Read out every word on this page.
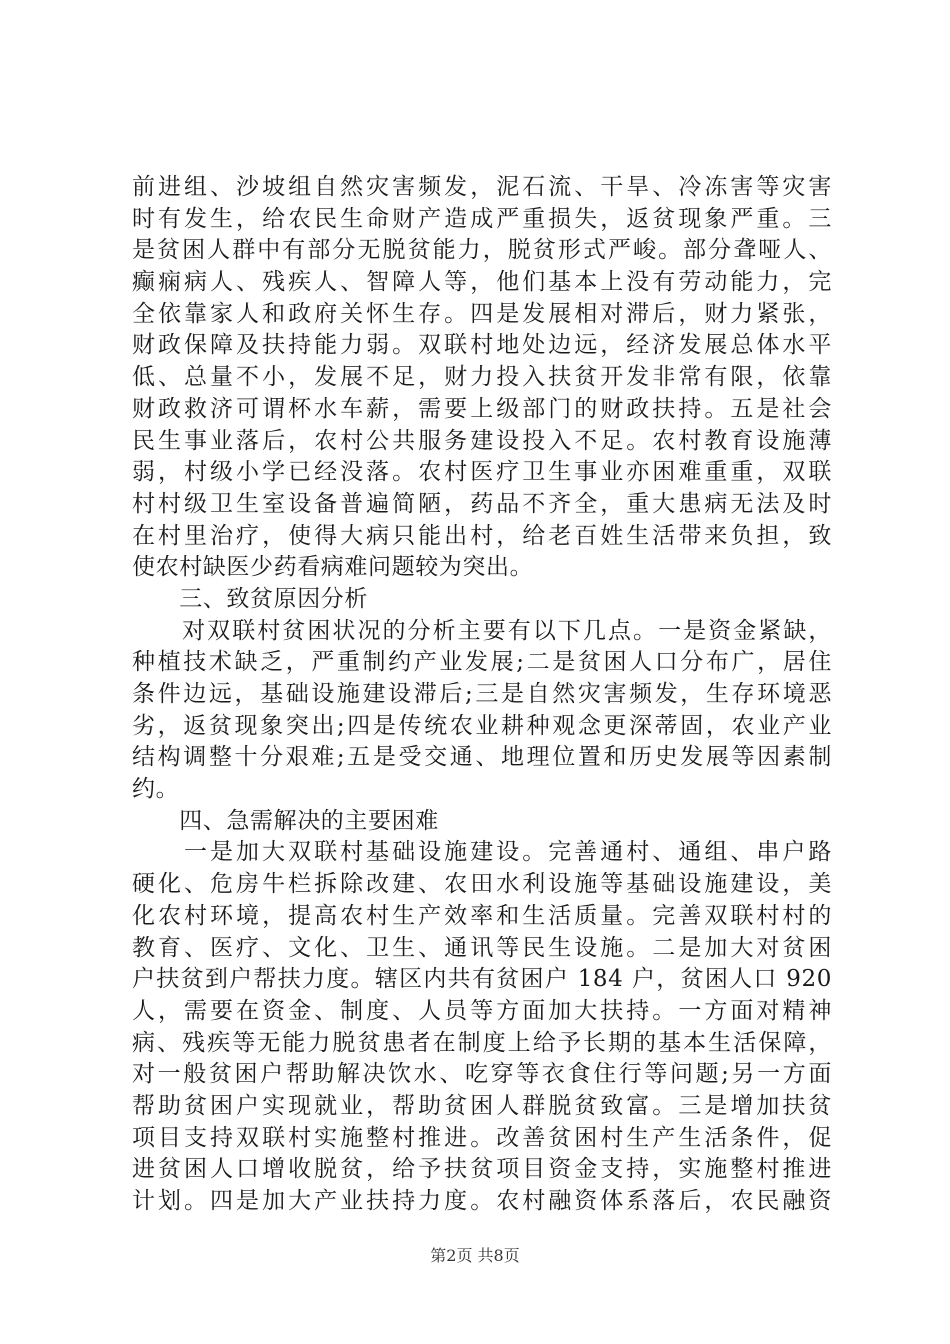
前进组、沙坡组自然灾害频发，泥石流、干旱、冷冻害等灾害
时有发生，给农民生命财产造成严重损失，返贫现象严重。三
是贫困人群中有部分无脱贫能力，脱贫形式严峻。部分聋哑人、
癫痫病人、残疾人、智障人等，他们基本上没有劳动能力，完
全依靠家人和政府关怀生存。四是发展相对滞后，财力紧张，
财政保障及扶持能力弱。双联村地处边远，经济发展总体水平
低、总量不小，发展不足，财力投入扶贫开发非常有限，依靠
财政救济可谓杯水车薪，需要上级部门的财政扶持。五是社会
民生事业落后，农村公共服务建设投入不足。农村教育设施薄
弱，村级小学已经没落。农村医疗卫生事业亦困难重重，双联
村村级卫生室设备普遍简陋，药品不齐全，重大患病无法及时
在村里治疗，使得大病只能出村，给老百姓生活带来负担，致
使农村缺医少药看病难问题较为突出。
　　三、致贫原因分析
　　对双联村贫困状况的分析主要有以下几点。一是资金紧缺，
种植技术缺乏，严重制约产业发展;二是贫困人口分布广，居住
条件边远，基础设施建设滞后;三是自然灾害频发，生存环境恶
劣，返贫现象突出;四是传统农业耕种观念更深蒂固，农业产业
结构调整十分艰难;五是受交通、地理位置和历史发展等因素制
约。
　　四、急需解决的主要困难
　　一是加大双联村基础设施建设。完善通村、通组、串户路
硬化、危房牛栏拆除改建、农田水利设施等基础设施建设，美
化农村环境，提高农村生产效率和生活质量。完善双联村村的
教育、医疗、文化、卫生、通讯等民生设施。二是加大对贫困
户扶贫到户帮扶力度。辖区内共有贫困户 184 户，贫困人口 920
人，需要在资金、制度、人员等方面加大扶持。一方面对精神
病、残疾等无能力脱贫患者在制度上给予长期的基本生活保障，
对一般贫困户帮助解决饮水、吃穿等衣食住行等问题;另一方面
帮助贫困户实现就业，帮助贫困人群脱贫致富。三是增加扶贫
项目支持双联村实施整村推进。改善贫困村生产生活条件，促
进贫困人口增收脱贫，给予扶贫项目资金支持，实施整村推进
计划。四是加大产业扶持力度。农村融资体系落后，农民融资
第2页 共8页
